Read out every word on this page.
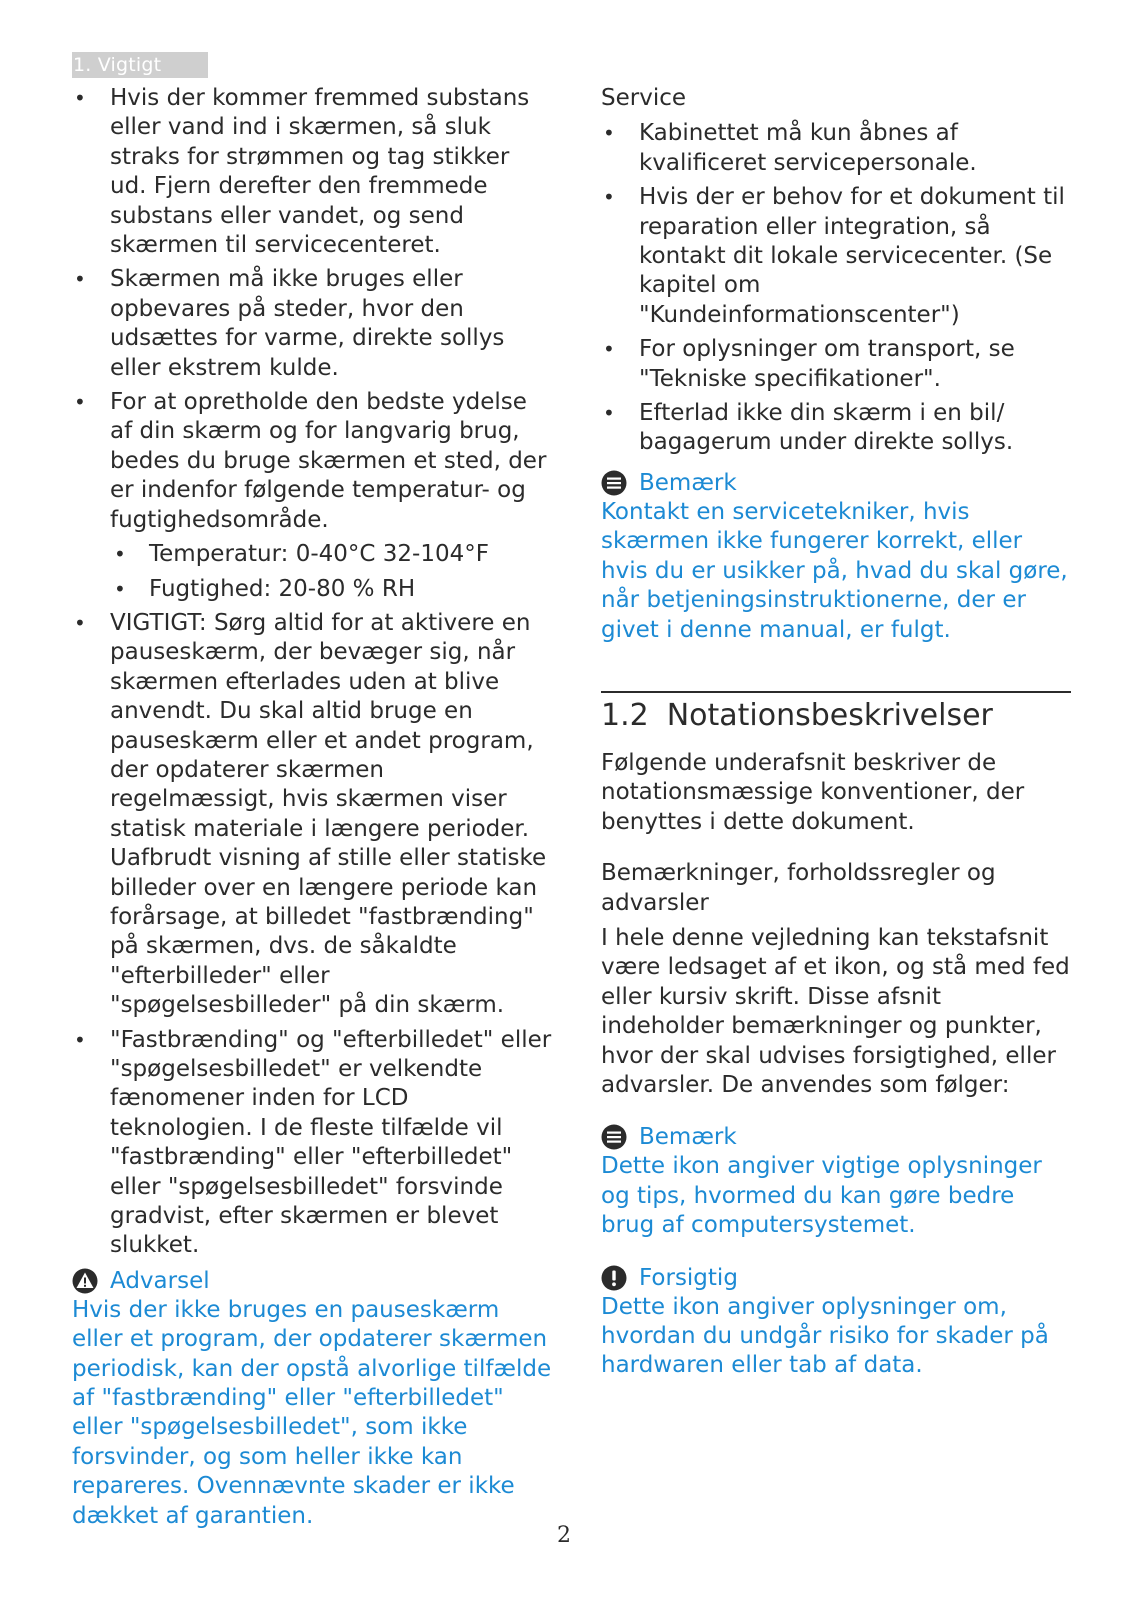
1. Vigtigt
• Hvis der kommer fremmed substans eller vand ind i skærmen, så sluk straks for strømmen og tag stikker ud. Fjern derefter den fremmede substans eller vandet, og send skærmen til servicecenteret.
• Skærmen må ikke bruges eller opbevares på steder, hvor den udsættes for varme, direkte sollys eller ekstrem kulde.
• For at opretholde den bedste ydelse af din skærm og for langvarig brug, bedes du bruge skærmen et sted, der er indenfor følgende temperatur- og fugtighedsområde.
• Temperatur: 0-40°C 32-104°F
• Fugtighed: 20-80 % RH
• VIGTIGT: Sørg altid for at aktivere en pauseskærm, der bevæger sig, når skærmen efterlades uden at blive anvendt. Du skal altid bruge en pauseskærm eller et andet program, der opdaterer skærmen regelmæssigt, hvis skærmen viser statisk materiale i længere perioder. Uafbrudt visning af stille eller statiske billeder over en længere periode kan forårsage, at billedet "fastbrænding" på skærmen, dvs. de såkaldte "efterbilleder" eller "spøgelsesbilleder" på din skærm.
• "Fastbrænding" og "efterbilledet" eller "spøgelsesbilledet" er velkendte fænomener inden for LCD teknologien. I de fleste tilfælde vil "fastbrænding" eller "efterbilledet" eller "spøgelsesbilledet" forsvinde gradvist, efter skærmen er blevet slukket.
Advarsel
Hvis der ikke bruges en pauseskærm eller et program, der opdaterer skærmen periodisk, kan der opstå alvorlige tilfælde af "fastbrænding" eller "efterbilledet" eller "spøgelsesbilledet", som ikke forsvinder, og som heller ikke kan repareres. Ovennævnte skader er ikke dækket af garantien.
Service
• Kabinettet må kun åbnes af kvalificeret servicepersonale.
• Hvis der er behov for et dokument til reparation eller integration, så kontakt dit lokale servicecenter. (Se kapitel om "Kundeinformationscenter")
• For oplysninger om transport, se "Tekniske specifikationer".
• Efterlad ikke din skærm i en bil/ bagagerum under direkte sollys.
Bemærk
Kontakt en servicetekniker, hvis skærmen ikke fungerer korrekt, eller hvis du er usikker på, hvad du skal gøre, når betjeningsinstruktionerne, der er givet i denne manual, er fulgt.
1.2 Notationsbeskrivelser
Følgende underafsnit beskriver de notationsmæssige konventioner, der benyttes i dette dokument.
Bemærkninger, forholdssregler og advarsler
I hele denne vejledning kan tekstafsnit være ledsaget af et ikon, og stå med fed eller kursiv skrift. Disse afsnit indeholder bemærkninger og punkter, hvor der skal udvises forsigtighed, eller advarsler. De anvendes som følger:
Bemærk
Dette ikon angiver vigtige oplysninger og tips, hvormed du kan gøre bedre brug af computersystemet.
Forsigtig
Dette ikon angiver oplysninger om, hvordan du undgår risiko for skader på hardwaren eller tab af data.
2
